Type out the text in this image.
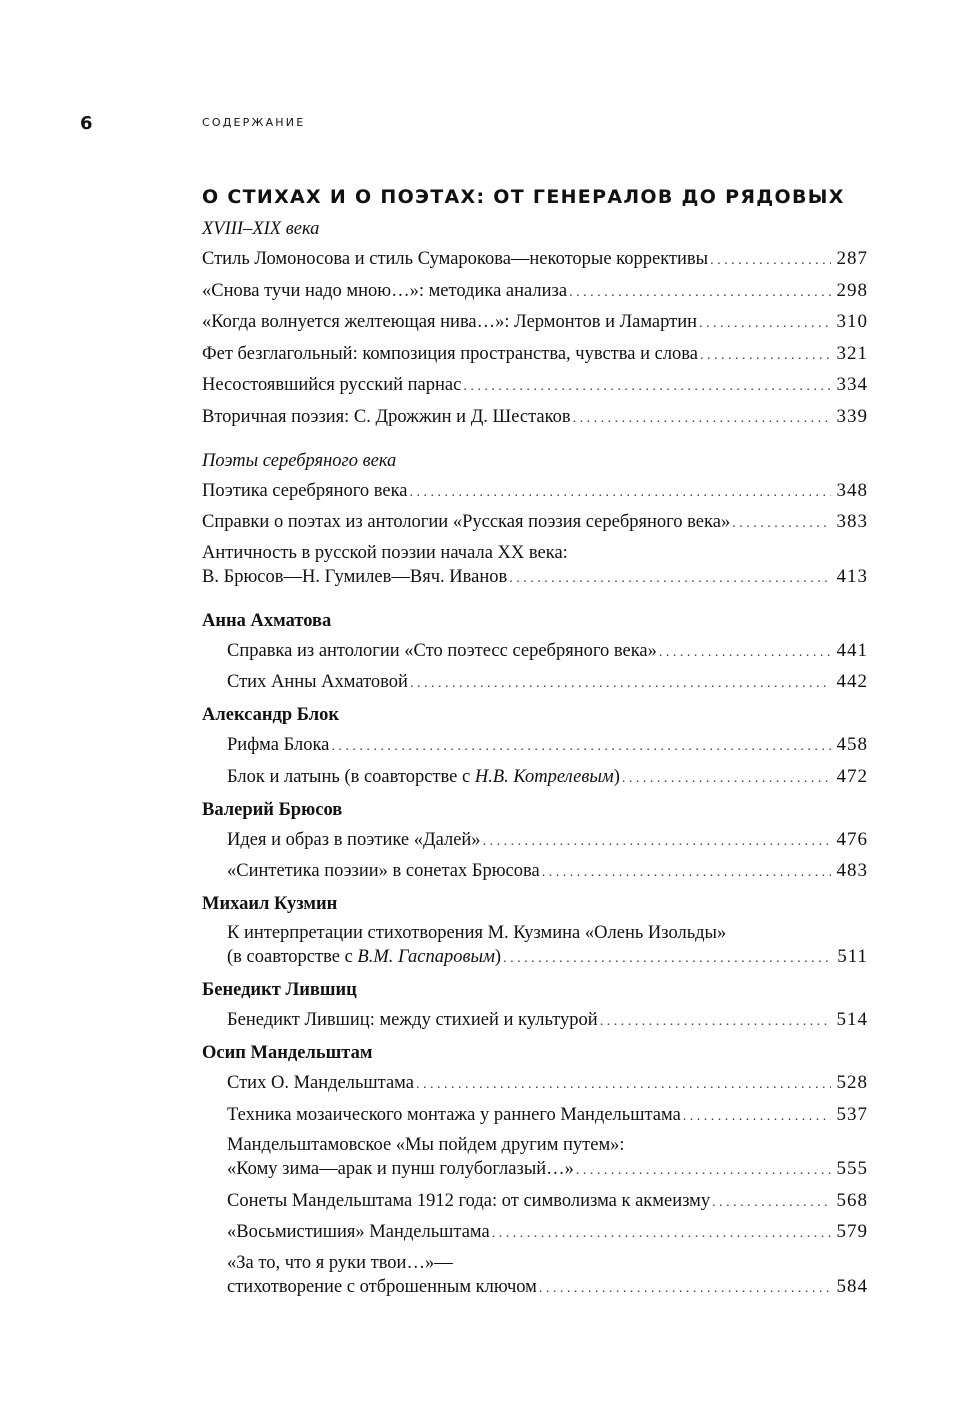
6	СОДЕРЖАНИЕ
О СТИХАХ И О ПОЭТАХ: ОТ ГЕНЕРАЛОВ ДО РЯДОВЫХ
XVIII–XIX века
Стиль Ломоносова и стиль Сумарокова—некоторые коррективы . . .	287
«Снова тучи надо мною…»: методика анализа . . .	298
«Когда волнуется желтеющая нива…»: Лермонтов и Ламартин . . .	310
Фет безглагольный: композиция пространства, чувства и слова . . .	321
Несостоявшийся русский парнас . . .	334
Вторичная поэзия: С. Дрожжин и Д. Шестаков . . .	339
Поэты серебряного века
Поэтика серебряного века . . .	348
Справки о поэтах из антологии «Русская поэзия серебряного века» . . .	383
Античность в русской поэзии начала XX века:
В. Брюсов—Н. Гумилев—Вяч. Иванов . . .	413
Анна Ахматова
Справка из антологии «Сто поэтесс серебряного века» . . .	441
Стих Анны Ахматовой . . .	442
Александр Блок
Рифма Блока . . .	458
Блок и латынь (в соавторстве с Н.В. Котрелевым) . . .	472
Валерий Брюсов
Идея и образ в поэтике «Далей» . . .	476
«Синтетика поэзии» в сонетах Брюсова . . .	483
Михаил Кузмин
К интерпретации стихотворения М. Кузмина «Олень Изольды»
(в соавторстве с В.М. Гаспаровым) . . .	511
Бенедикт Лившиц
Бенедикт Лившиц: между стихией и культурой . . .	514
Осип Мандельштам
Стих О. Мандельштама . . .	528
Техника мозаического монтажа у раннего Мандельштама . . .	537
Мандельштамовское «Мы пойдем другим путем»:
«Кому зима—арак и пунш голубоглазый…» . . .	555
Сонеты Мандельштама 1912 года: от символизма к акмеизму . . .	568
«Восьмистишия» Мандельштама . . .	579
«За то, что я руки твои…»—
стихотворение с отброшенным ключом . . .	584
